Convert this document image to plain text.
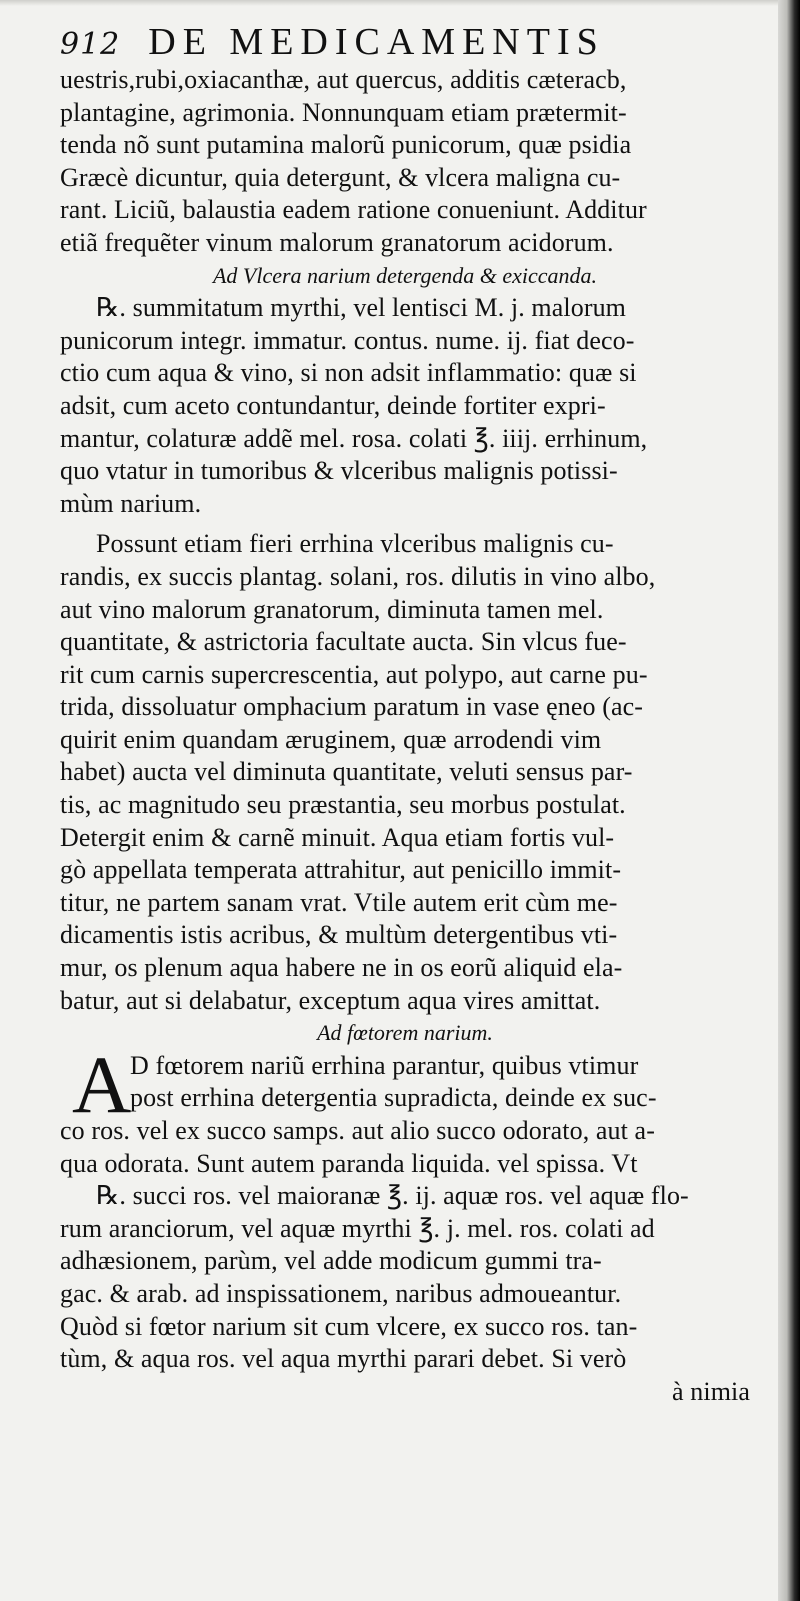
912 DE MEDICAMENTIS
uestris,rubi,oxiacanthæ, aut quercus, additis cæteracb,
plantagine, agrimonia. Nonnunquam etiam prætermit-
tenda nõ sunt putamina malorũ punicorum, quæ psidia
Græcè dicuntur, quia detergunt, & vlcera maligna cu-
rant. Liciũ, balaustia eadem ratione conueniunt. Additur
etiã frequẽter vinum malorum granatorum acidorum.
Ad Vlcera narium detergenda & exiccanda.
℞. summitatum myrthi, vel lentisci M. j. malorum
punicorum integr. immatur. contus. nume. ij. fiat deco-
ctio cum aqua & vino, si non adsit inflammatio: quæ si
adsit, cum aceto contundantur, deinde fortiter expri-
mantur, colaturæ addẽ mel. rosa. colati ℥. iiij. errhinum,
quo vtatur in tumoribus & vlceribus malignis potissi-
mùm narium.
Possunt etiam fieri errhina vlceribus malignis cu-
randis, ex succis plantag. solani, ros. dilutis in vino albo,
aut vino malorum granatorum, diminuta tamen mel.
quantitate, & astrictoria facultate aucta. Sin vlcus fue-
rit cum carnis supercrescentia, aut polypo, aut carne pu-
trida, dissoluatur omphacium paratum in vase ęneo (ac-
quirit enim quandam æruginem, quæ arrodendi vim
habet) aucta vel diminuta quantitate, veluti sensus par-
tis, ac magnitudo seu præstantia, seu morbus postulat.
Detergit enim & carnẽ minuit. Aqua etiam fortis vul-
gò appellata temperata attrahitur, aut penicillo immit-
titur, ne partem sanam vrat. Vtile autem erit cùm me-
dicamentis istis acribus, & multùm detergentibus vti-
mur, os plenum aqua habere ne in os eorũ aliquid ela-
batur, aut si delabatur, exceptum aqua vires amittat.
Ad fœtorem narium.
A
D fœtorem nariũ errhina parantur, quibus vtimur
post errhina detergentia supradicta, deinde ex suc-
co ros. vel ex succo samps. aut alio succo odorato, aut a-
qua odorata. Sunt autem paranda liquida. vel spissa. Vt
℞. succi ros. vel maioranæ ℥. ij. aquæ ros. vel aquæ flo-
rum aranciorum, vel aquæ myrthi ℥. j. mel. ros. colati ad
adhæsionem, parùm, vel adde modicum gummi tra-
gac. & arab. ad inspissationem, naribus admoueantur.
Quòd si fœtor narium sit cum vlcere, ex succo ros. tan-
tùm, & aqua ros. vel aqua myrthi parari debet. Si verò
à nimia
